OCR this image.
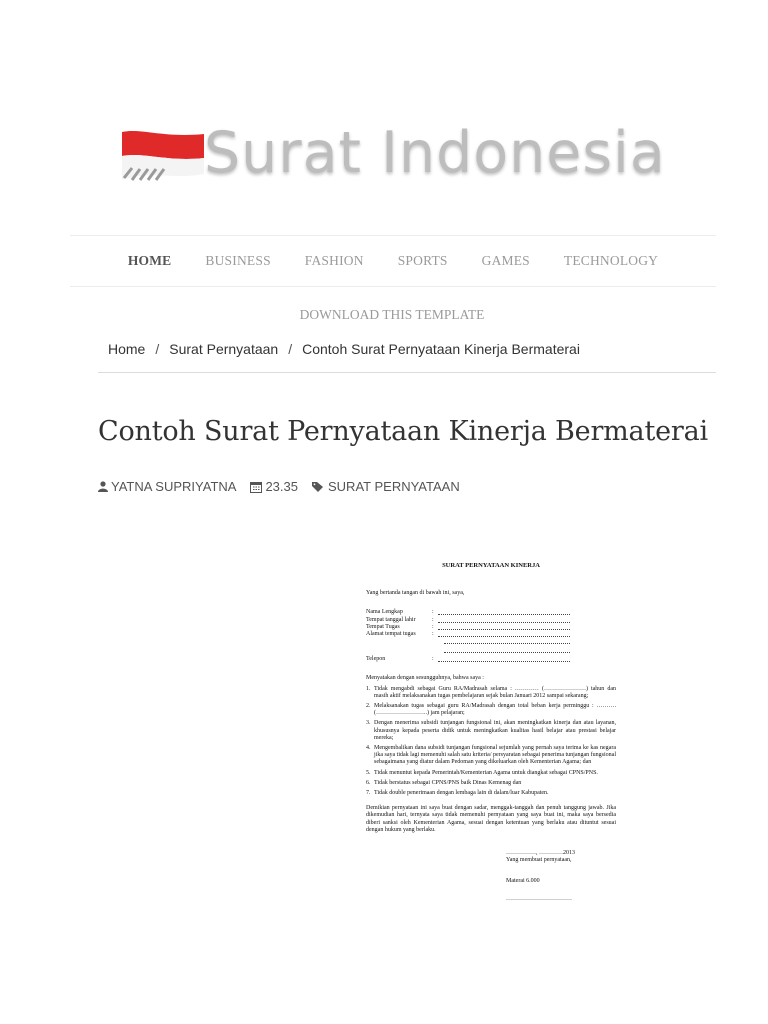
Surat Indonesia
HOME	BUSINESS	FASHION	SPORTS	GAMES	TECHNOLOGY
DOWNLOAD THIS TEMPLATE
Home / Surat Pernyataan / Contoh Surat Pernyataan Kinerja Bermaterai
Contoh Surat Pernyataan Kinerja Bermaterai
YATNA SUPRIYATNA 23.35 SURAT PERNYATAAN
SURAT PERNYATAAN KINERJA

Yang bertanda tangan di bawah ini, saya,

Nama Lengkap	:
Tempat tanggal lahir	:
Tempat Tugas	:
Alamat tempat tugas	:
Telepon	:

Menyatakan dengan sesungguhnya, bahwa saya :

1. Tidak mengabdi sebagai Guru RA/Madrasah selama : ………… (…………………) tahun dan masih aktif melaksanakan tugas pembelajaran sejak bulan Januari 2012 sampai sekarang;
2. Melaksanakan tugas sebagai guru RA/Madrasah dengan total beban kerja perminggu : ………. (……………………..) jam pelajaran;
3. Dengan menerima subsidi tunjangan fungsional ini, akan meningkatkan kinerja dan atau layanan, khususnya kepada peserta didik untuk meningkatkan kualitas hasil belajar atau prestasi belajar mereka;
4. Mengembalikan dana subsidi tunjangan fungsional sejumlah yang pernah saya terima ke kas negara jika saya tidak lagi memenuhi salah satu kriteria/ persyaratan sebagai penerima tunjangan fungsional sebagaimana yang diatur dalam Pedoman yang dikeluarkan oleh Kementerian Agama; dan
5. Tidak menuntut kepada Pemerintah/Kementerian Agama untuk diangkat sebagai CPNS/PNS.
6. Tidak berstatus sebagai CPNS/PNS baik Dinas Kemenag dan
7. Tidak double penerimaan dengan lembaga lain di dalam/luar Kabupaten.

Demikian pernyataan ini saya buat dengan sadar, menggak-tanggah dan penuh tanggung jawab. Jika dikemudian hari, ternyata saya tidak memenuhi pernyataan yang saya buat ini, maka saya bersedia diberi sanksi oleh Kementerian Agama, sesuai dengan ketentuan yang berlaku atau dituntut sesuai dengan hukum yang berlaku.

……………, …………2013

Yang membuat pernyataan,

Materai 6.000

……………………………
